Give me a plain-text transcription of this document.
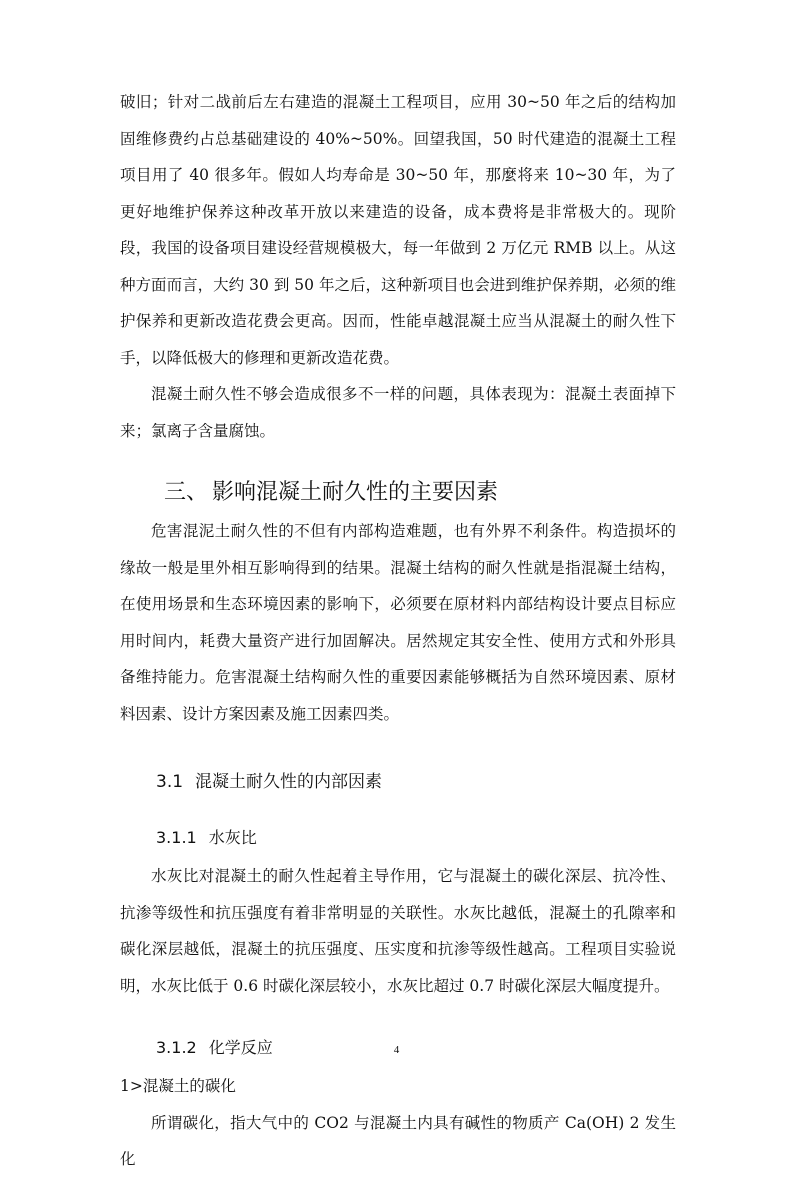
破旧；针对二战前后左右建造的混凝土工程项目，应用 30~50 年之后的结构加固维修费约占总基础建设的 40%~50%。回望我国，50 时代建造的混凝土工程项目用了 40 很多年。假如人均寿命是 30~50 年，那麼将来 10~30 年，为了更好地维护保养这种改革开放以来建造的设备，成本费将是非常极大的。现阶段，我国的设备项目建设经营规模极大，每一年做到 2 万亿元 RMB 以上。从这种方面而言，大约 30 到 50 年之后，这种新项目也会进到维护保养期，必须的维护保养和更新改造花费会更高。因而，性能卓越混凝土应当从混凝土的耐久性下手，以降低极大的修理和更新改造花费。

混凝土耐久性不够会造成很多不一样的问题，具体表现为：混凝土表面掉下来；氯离子含量腐蚀。

三、 影响混凝土耐久性的主要因素

危害混泥土耐久性的不但有内部构造难题，也有外界不利条件。构造损坏的缘故一般是里外相互影响得到的结果。混凝土结构的耐久性就是指混凝土结构，在使用场景和生态环境因素的影响下，必须要在原材料内部结构设计要点目标应用时间内，耗费大量资产进行加固解决。居然规定其安全性、使用方式和外形具备维持能力。危害混凝土结构耐久性的重要因素能够概括为自然环境因素、原材料因素、设计方案因素及施工因素四类。

3.1 混凝土耐久性的内部因素
3.1.1 水灰比

水灰比对混凝土的耐久性起着主导作用，它与混凝土的碳化深层、抗冷性、抗渗等级性和抗压强度有着非常明显的关联性。水灰比越低，混凝土的孔隙率和碳化深层越低，混凝土的抗压强度、压实度和抗渗等级性越高。工程项目实验说明，水灰比低于 0.6 时碳化深层较小，水灰比超过 0.7 时碳化深层大幅度提升。

3.1.2 化学反应

1>混凝土的碳化

所谓碳化，指大气中的 CO2 与混凝土内具有碱性的物质产 Ca(OH) 2 发生化

4
